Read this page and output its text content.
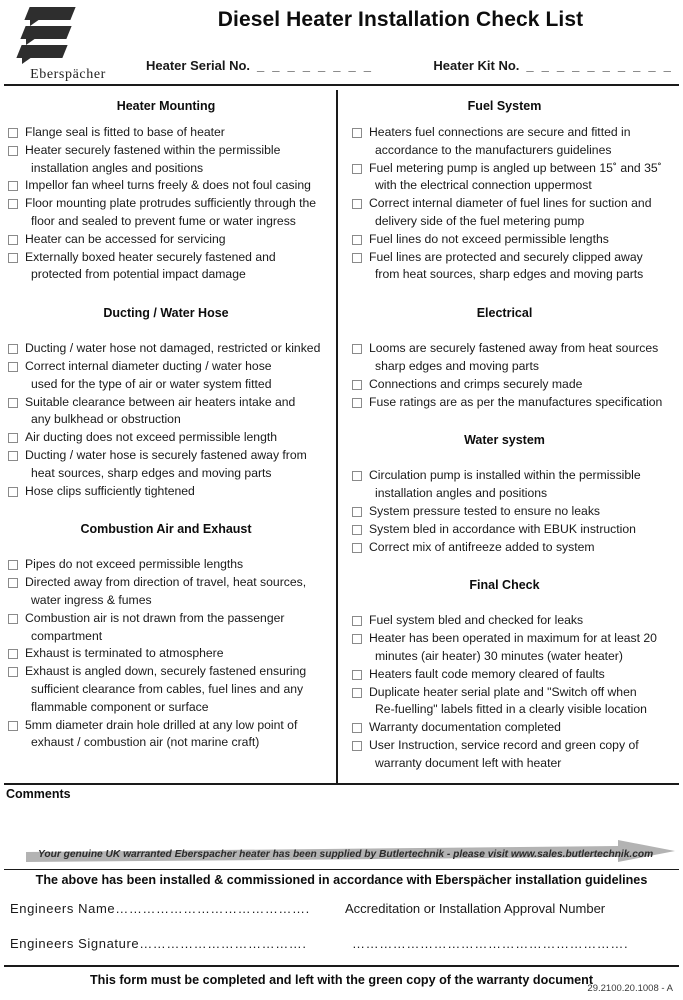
Eberspächer
Diesel Heater Installation Check List
Heater Serial No. _ _ _ _ _ _ _ _	Heater Kit No. _ _ _ _ _ _ _ _ _ _
Heater Mounting
Flange seal is fitted to base of heater
Heater securely fastened within the permissible
installation angles and positions
Impellor fan wheel turns freely & does not foul casing
Floor mounting plate protrudes sufficiently through the
floor and sealed to prevent fume or water ingress
Heater can be accessed for servicing
Externally boxed heater securely fastened and
protected from potential impact damage
Ducting / Water Hose
Ducting / water hose not damaged, restricted or kinked
Correct internal diameter ducting / water hose
used for the type of air or water system fitted
Suitable clearance between air heaters intake and
any bulkhead or obstruction
Air ducting does not exceed permissible length
Ducting / water hose is securely fastened away from
heat sources, sharp edges and moving parts
Hose clips sufficiently tightened
Combustion Air and Exhaust
Pipes do not exceed permissible lengths
Directed away from direction of travel, heat sources,
water ingress & fumes
Combustion air is not drawn from the passenger
compartment
Exhaust is terminated to atmosphere
Exhaust is angled down, securely fastened ensuring
sufficient clearance from cables, fuel lines and any
flammable component or surface
5mm diameter drain hole drilled at any low point of
exhaust / combustion air (not marine craft)
Fuel System
Heaters fuel connections are secure and fitted in
accordance to the manufacturers guidelines
Fuel metering pump is angled up between 15˚ and 35˚
with the electrical connection uppermost
Correct internal diameter of fuel lines for suction and
delivery side of the fuel metering pump
Fuel lines do not exceed permissible lengths
Fuel lines are protected and securely clipped away
from heat sources, sharp edges and moving parts
Electrical
Looms are securely fastened away from heat sources
sharp edges and moving parts
Connections and crimps securely made
Fuse ratings are as per the manufactures specification
Water system
Circulation pump is installed within the permissible
installation angles and positions
System pressure tested to ensure no leaks
System bled in accordance with EBUK instruction
Correct mix of antifreeze added to system
Final Check
Fuel system bled and checked for leaks
Heater has been operated in maximum for at least 20
minutes (air heater) 30 minutes (water heater)
Heaters fault code memory cleared of faults
Duplicate heater serial plate and "Switch off when
Re-fuelling" labels fitted in a clearly visible location
Warranty documentation completed
User Instruction, service record and green copy of
warranty document left with heater
Comments
Your genuine UK warranted Eberspacher heater has been supplied by Butlertechnik - please visit www.sales.butlertechnik.com
The above has been installed & commissioned in accordance with Eberspächer installation guidelines
Engineers Name…………………………………….	Accreditation or Installation Approval Number
Engineers Signature……………………………….	…………………………………………………….
This form must be completed and left with the green copy of the warranty document
29.2100.20.1008 - A
